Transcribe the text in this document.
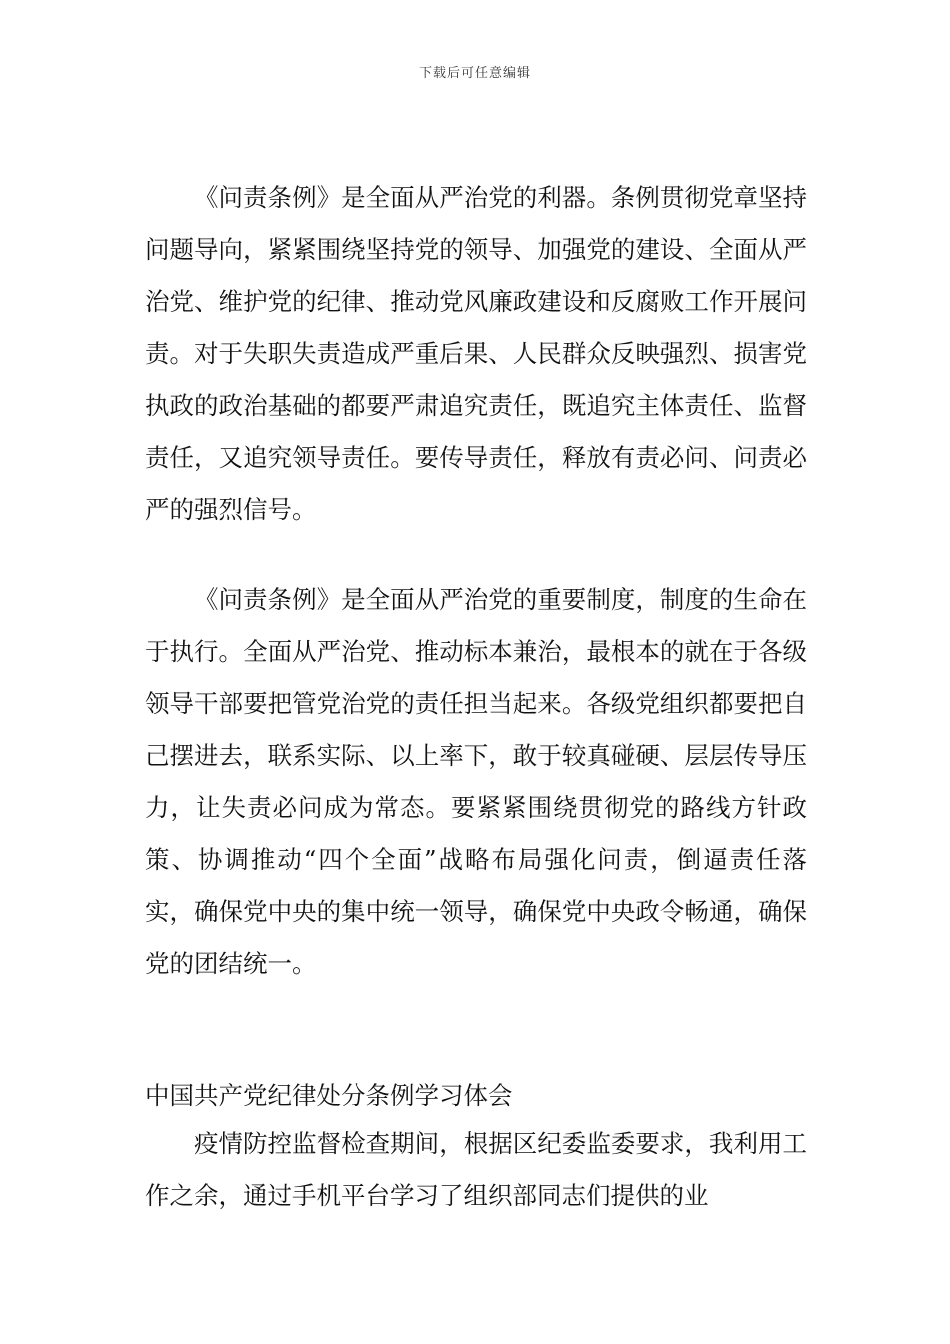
下载后可任意编辑

《问责条例》是全面从严治党的利器。条例贯彻党章坚持问题导向，紧紧围绕坚持党的领导、加强党的建设、全面从严治党、维护党的纪律、推动党风廉政建设和反腐败工作开展问责。对于失职失责造成严重后果、人民群众反映强烈、损害党执政的政治基础的都要严肃追究责任，既追究主体责任、监督责任，又追究领导责任。要传导责任，释放有责必问、问责必严的强烈信号。

《问责条例》是全面从严治党的重要制度，制度的生命在于执行。全面从严治党、推动标本兼治，最根本的就在于各级领导干部要把管党治党的责任担当起来。各级党组织都要把自己摆进去，联系实际、以上率下，敢于较真碰硬、层层传导压力，让失责必问成为常态。要紧紧围绕贯彻党的路线方针政策、协调推动“四个全面”战略布局强化问责，倒逼责任落实，确保党中央的集中统一领导，确保党中央政令畅通，确保党的团结统一。

中国共产党纪律处分条例学习体会

疫情防控监督检查期间，根据区纪委监委要求，我利用工作之余，通过手机平台学习了组织部同志们提供的业
